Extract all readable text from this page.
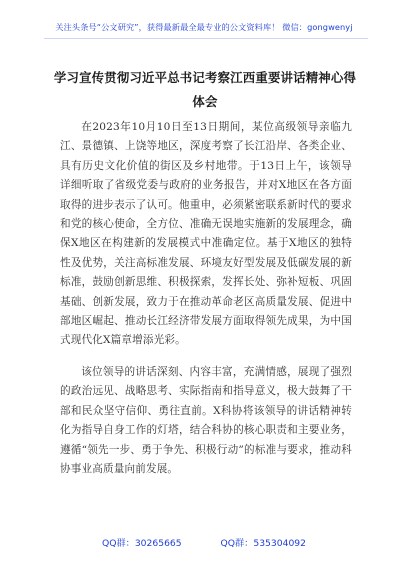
关注头条号“公文研究”，获得最新最全最专业的公文资料库！ 微信：gongwenyj
学习宣传贯彻习近平总书记考察江西重要讲话精神心得体会

在2023年10月10日至13日期间，某位高级领导亲临九江、景德镇、上饶等地区，深度考察了长江沿岸、各类企业、具有历史文化价值的街区及乡村地带。于13日上午，该领导详细听取了省级党委与政府的业务报告，并对X地区在各方面取得的进步表示了认可。他重申，必须紧密联系新时代的要求和党的核心使命，全方位、准确无误地实施新的发展理念，确保X地区在构建新的发展模式中准确定位。基于X地区的独特性及优势，关注高标准发展、环境友好型发展及低碳发展的新标准，鼓励创新思维、积极探索，发挥长处、弥补短板、巩固基础、创新发展，致力于在推动革命老区高质量发展、促进中部地区崛起、推动长江经济带发展方面取得领先成果，为中国式现代化X篇章增添光彩。

该位领导的讲话深刻、内容丰富，充满情感，展现了强烈的政治远见、战略思考、实际指南和指导意义，极大鼓舞了干部和民众坚守信仰、勇往直前。X科协将该领导的讲话精神转化为指导自身工作的灯塔，结合科协的核心职责和主要业务，遵循“领先一步、勇于争先、积极行动”的标准与要求，推动科协事业高质量向前发展。

QQ群：30265665	QQ群：535304092
